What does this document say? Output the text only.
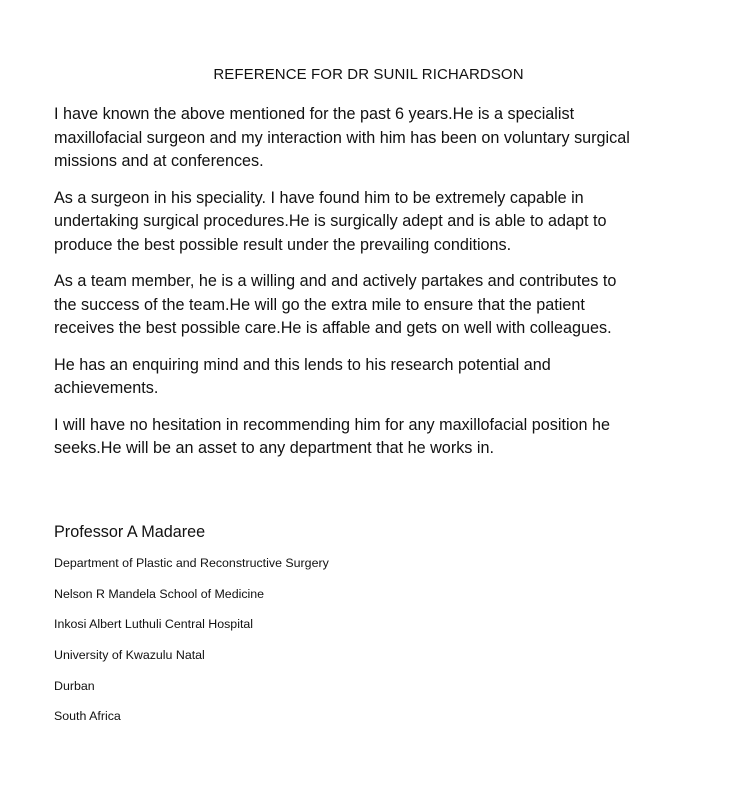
REFERENCE FOR DR SUNIL RICHARDSON

I have known the above mentioned for the past 6 years.He is a specialist
maxillofacial surgeon and my interaction with him has been on voluntary surgical
missions and at conferences.

As a surgeon in his speciality. I have found him to be extremely capable in
undertaking surgical procedures.He is surgically adept and is able to adapt to
produce the best possible result under the prevailing conditions.

As a team member, he is a willing and and actively partakes and contributes to
the success of the team.He will go the extra mile to ensure that the patient
receives the best possible care.He is affable and gets on well with colleagues.

He has an enquiring mind and this lends to his research potential and
achievements.

I will have no hesitation in recommending him for any maxillofacial position he
seeks.He will be an asset to any department that he works in.

Professor A Madaree
Department of Plastic and Reconstructive Surgery
Nelson R Mandela School of Medicine
Inkosi Albert Luthuli Central Hospital
University of Kwazulu Natal
Durban
South Africa
